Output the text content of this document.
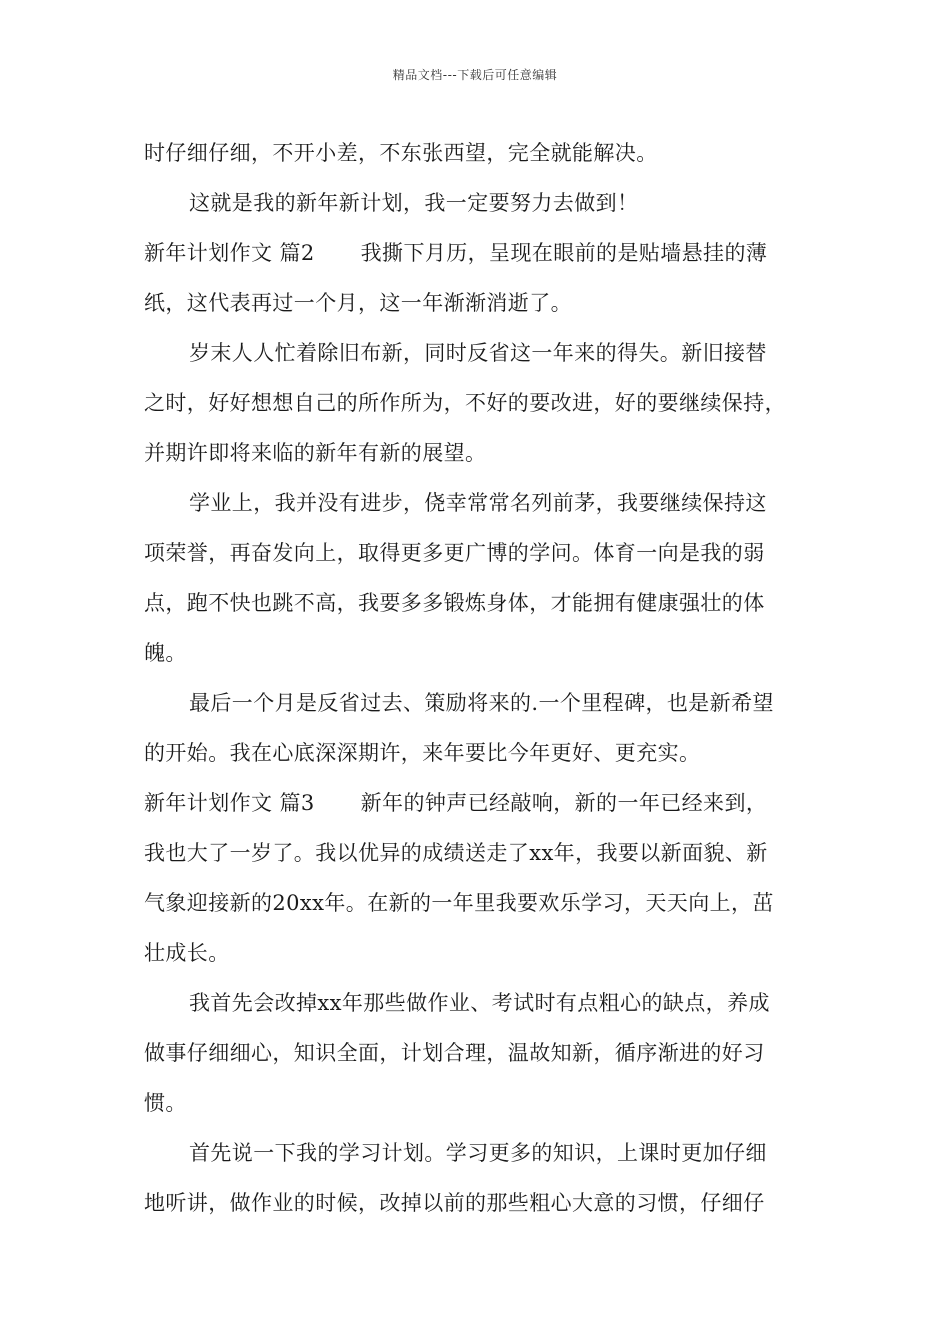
精品文档---下载后可任意编辑
时仔细仔细，不开小差，不东张西望，完全就能解决。
这就是我的新年新计划，我一定要努力去做到！
新年计划作文 篇2 我撕下月历，呈现在眼前的是贴墙悬挂的薄
纸，这代表再过一个月，这一年渐渐消逝了。
岁末人人忙着除旧布新，同时反省这一年来的得失。新旧接替
之时，好好想想自己的所作所为，不好的要改进，好的要继续保持，
并期许即将来临的新年有新的展望。
学业上，我并没有进步，侥幸常常名列前茅，我要继续保持这
项荣誉，再奋发向上，取得更多更广博的学问。体育一向是我的弱
点，跑不快也跳不高，我要多多锻炼身体，才能拥有健康强壮的体
魄。
最后一个月是反省过去、策励将来的.一个里程碑，也是新希望
的开始。我在心底深深期许，来年要比今年更好、更充实。
新年计划作文 篇3 新年的钟声已经敲响，新的一年已经来到，
我也大了一岁了。我以优异的成绩送走了xx年，我要以新面貌、新
气象迎接新的20xx年。在新的一年里我要欢乐学习，天天向上，茁
壮成长。
我首先会改掉xx年那些做作业、考试时有点粗心的缺点，养成
做事仔细细心，知识全面，计划合理，温故知新，循序渐进的好习
惯。
首先说一下我的学习计划。学习更多的知识，上课时更加仔细
地听讲，做作业的时候，改掉以前的那些粗心大意的习惯，仔细仔
